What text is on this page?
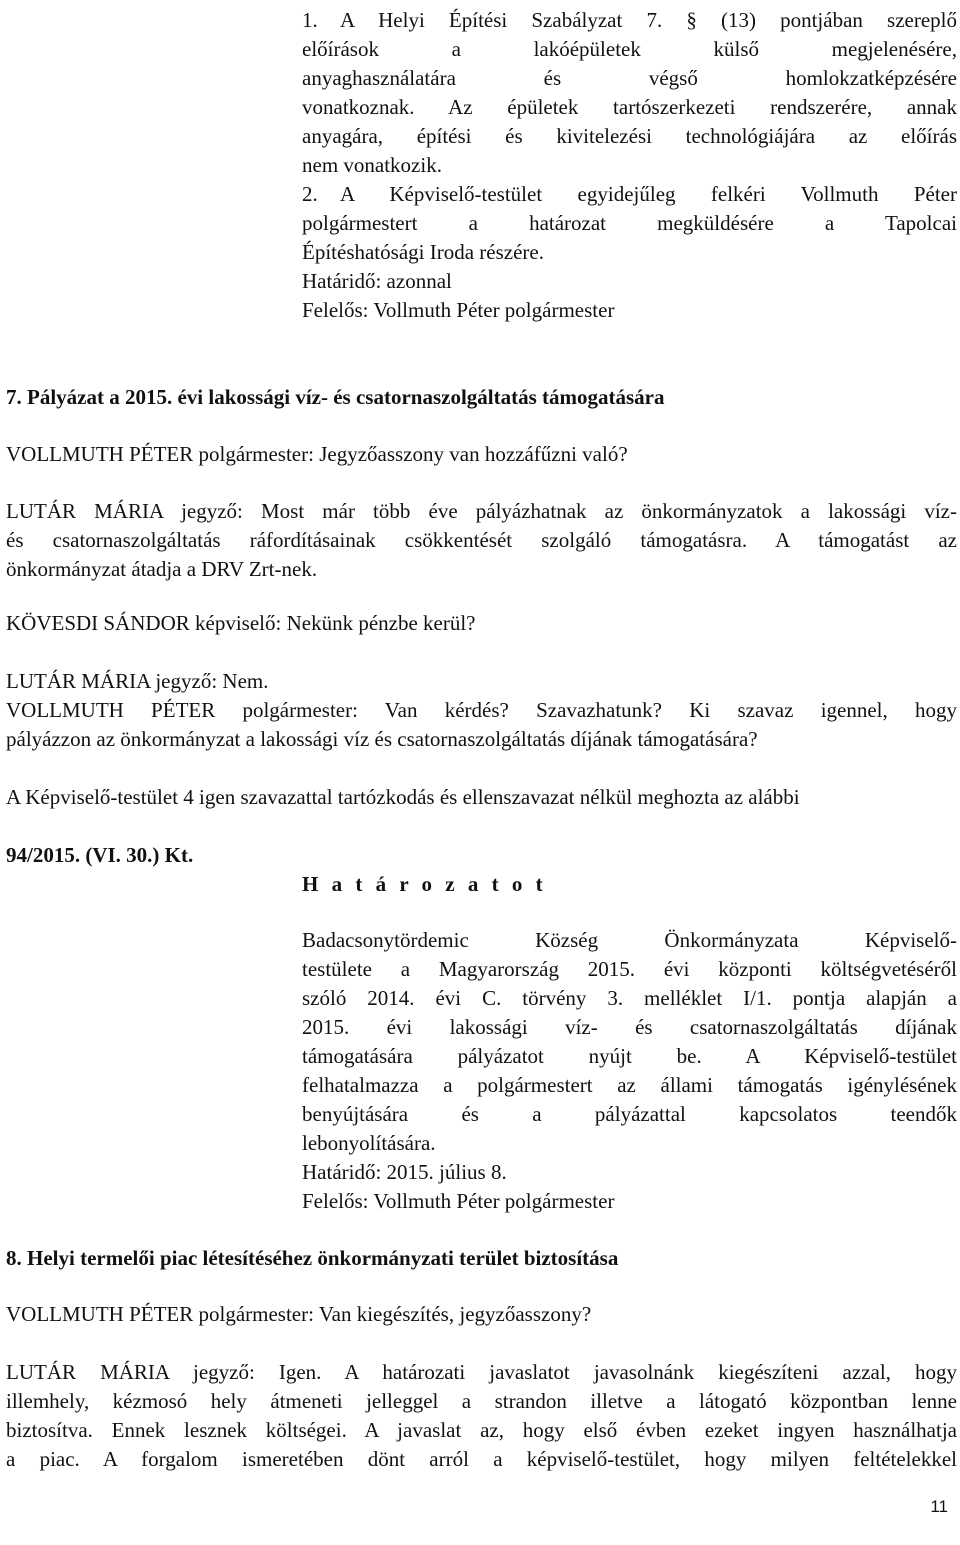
1. A Helyi Építési Szabályzat 7. § (13) pontjában szereplő
előírások a lakóépületek külső megjelenésére,
anyaghasználatára és végső homlokzatképzésére
vonatkoznak. Az épületek tartószerkezeti rendszerére, annak
anyagára, építési és kivitelezési technológiájára az előírás
nem vonatkozik.
2. A Képviselő-testület egyidejűleg felkéri Vollmuth Péter
polgármestert a határozat megküldésére a Tapolcai
Építéshatósági Iroda részére.
Határidő: azonnal
Felelős: Vollmuth Péter polgármester
7. Pályázat a 2015. évi lakossági víz- és csatornaszolgáltatás támogatására
VOLLMUTH PÉTER polgármester: Jegyzőasszony van hozzáfűzni való?
LUTÁR MÁRIA jegyző: Most már több éve pályázhatnak az önkormányzatok a lakossági víz-
és csatornaszolgáltatás ráfordításainak csökkentését szolgáló támogatásra. A támogatást az
önkormányzat átadja a DRV Zrt-nek.
KÖVESDI SÁNDOR képviselő: Nekünk pénzbe kerül?
LUTÁR MÁRIA jegyző: Nem.
VOLLMUTH PÉTER polgármester: Van kérdés? Szavazhatunk? Ki szavaz igennel, hogy
pályázzon az önkormányzat a lakossági víz és csatornaszolgáltatás díjának támogatására?
A Képviselő-testület 4 igen szavazattal tartózkodás és ellenszavazat nélkül meghozta az alábbi
94/2015. (VI. 30.) Kt.
H a t á r o z a t o t
Badacsonytördemic Község Önkormányzata Képviselő-
testülete a Magyarország 2015. évi központi költségvetéséről
szóló 2014. évi C. törvény 3. melléklet I/1. pontja alapján a
2015. évi lakossági víz- és csatornaszolgáltatás díjának
támogatására pályázatot nyújt be. A Képviselő-testület
felhatalmazza a polgármestert az állami támogatás igénylésének
benyújtására és a pályázattal kapcsolatos teendők
lebonyolítására.
Határidő: 2015. július 8.
Felelős: Vollmuth Péter polgármester
8. Helyi termelői piac létesítéséhez önkormányzati terület biztosítása
VOLLMUTH PÉTER polgármester: Van kiegészítés, jegyzőasszony?
LUTÁR MÁRIA jegyző: Igen. A határozati javaslatot javasolnánk kiegészíteni azzal, hogy
illemhely, kézmosó hely átmeneti jelleggel a strandon illetve a látogató központban lenne
biztosítva. Ennek lesznek költségei. A javaslat az, hogy első évben ezeket ingyen használhatja
a piac. A forgalom ismeretében dönt arról a képviselő-testület, hogy milyen feltételekkel
11
